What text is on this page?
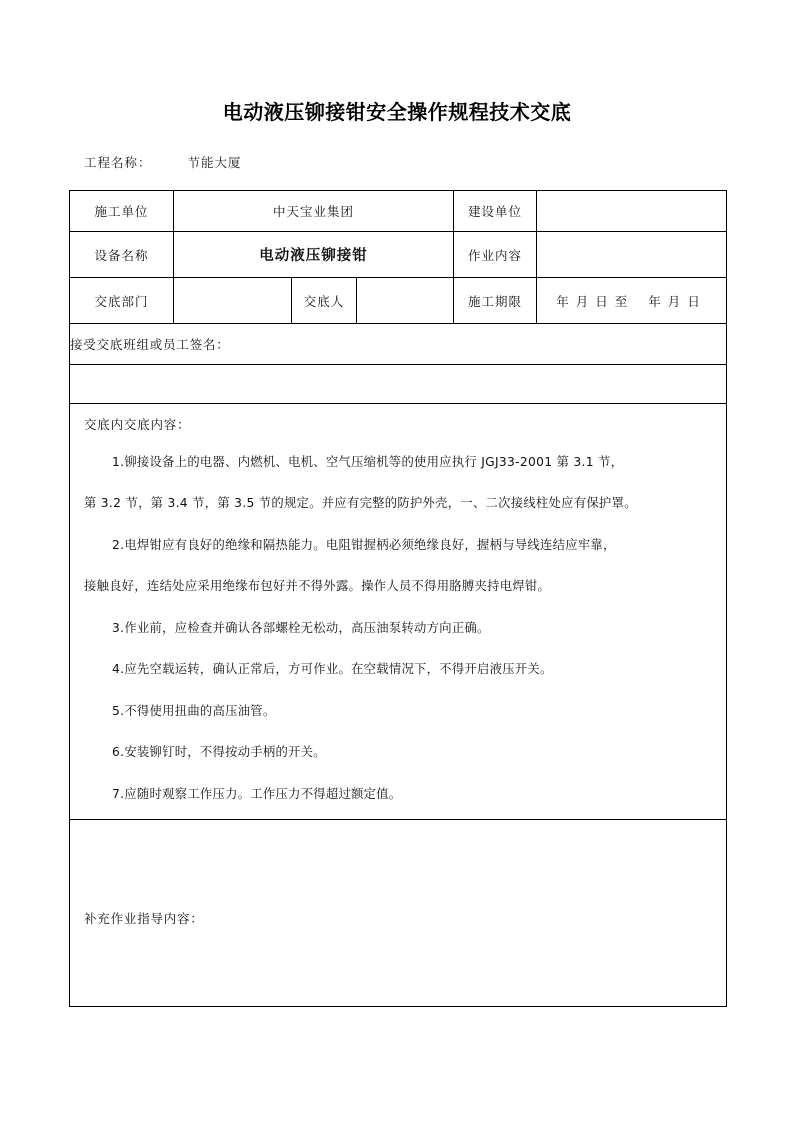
电动液压铆接钳安全操作规程技术交底
工程名称：	节能大厦
施工单位	中天宝业集团			建设单位	
设备名称	电动液压铆接钳			作业内容	
交底部门		交底人		施工期限	年月日至 年月日
接受交底班组或员工签名：					

交底内交底内容：
1.铆接设备上的电器、内燃机、电机、空气压缩机等的使用应执行 JGJ33-2001 第 3.1 节，
第 3.2 节，第 3.4 节，第 3.5 节的规定。并应有完整的防护外壳，一、二次接线柱处应有保护罩。
2.电焊钳应有良好的绝缘和隔热能力。电阻钳握柄必须绝缘良好，握柄与导线连结应牢靠，
接触良好，连结处应采用绝缘布包好并不得外露。操作人员不得用胳膊夹持电焊钳。
3.作业前，应检查并确认各部螺栓无松动，高压油泵转动方向正确。
4.应先空载运转，确认正常后，方可作业。在空载情况下，不得开启液压开关。
5.不得使用扭曲的高压油管。
6.安装铆钉时，不得按动手柄的开关。
7.应随时观察工作压力。工作压力不得超过额定值。

补充作业指导内容：					
